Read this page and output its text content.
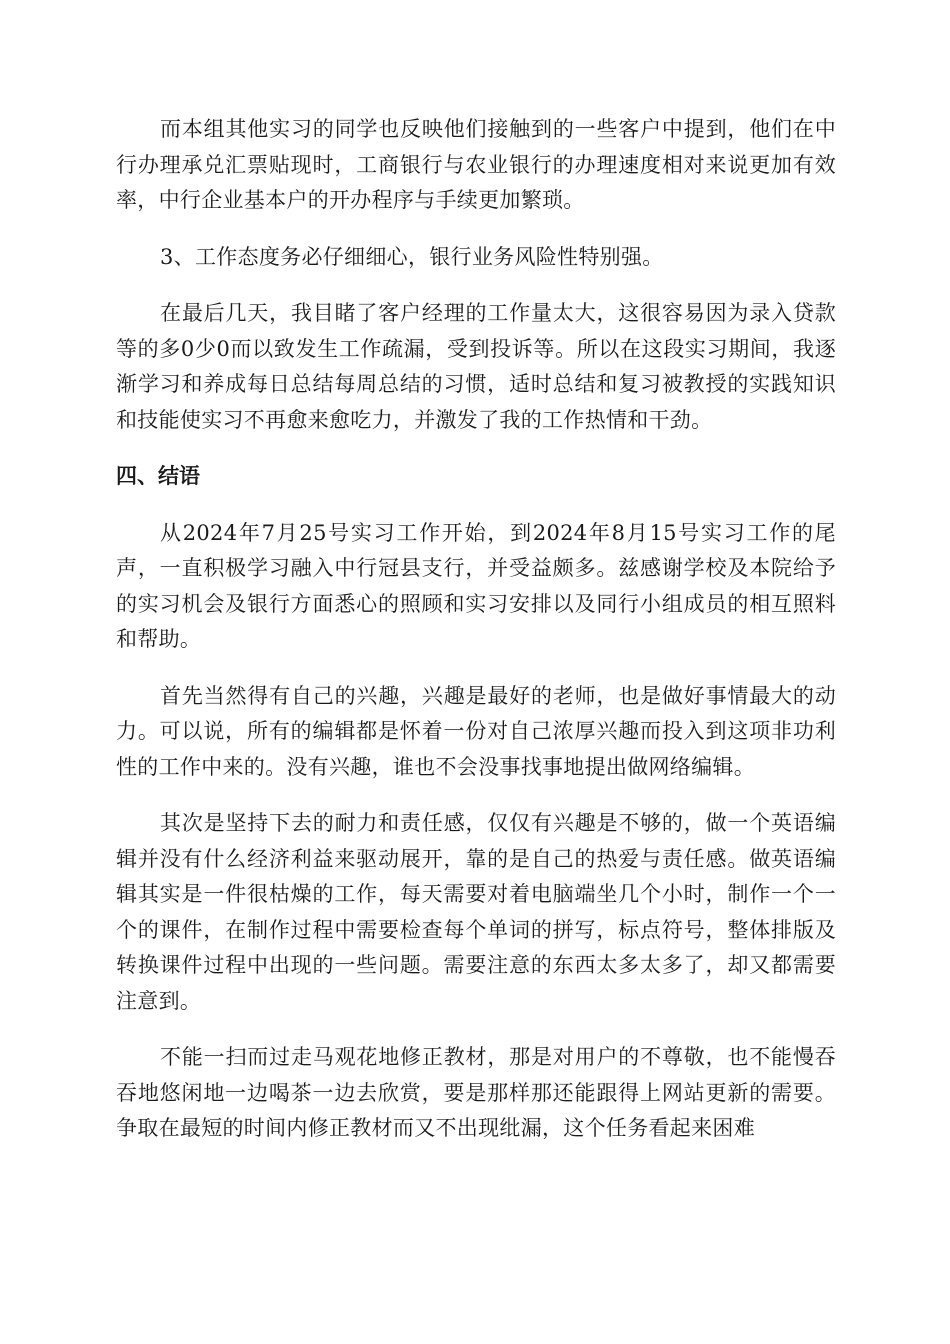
而本组其他实习的同学也反映他们接触到的一些客户中提到，他们在中行办理承兑汇票贴现时，工商银行与农业银行的办理速度相对来说更加有效率，中行企业基本户的开办程序与手续更加繁琐。

3、工作态度务必仔细细心，银行业务风险性特别强。

在最后几天，我目睹了客户经理的工作量太大，这很容易因为录入贷款等的多0少0而以致发生工作疏漏，受到投诉等。所以在这段实习期间，我逐渐学习和养成每日总结每周总结的习惯，适时总结和复习被教授的实践知识和技能使实习不再愈来愈吃力，并激发了我的工作热情和干劲。

四、结语

从2024年7月25号实习工作开始，到2024年8月15号实习工作的尾声，一直积极学习融入中行冠县支行，并受益颇多。兹感谢学校及本院给予的实习机会及银行方面悉心的照顾和实习安排以及同行小组成员的相互照料和帮助。

首先当然得有自己的兴趣，兴趣是最好的老师，也是做好事情最大的动力。可以说，所有的编辑都是怀着一份对自己浓厚兴趣而投入到这项非功利性的工作中来的。没有兴趣，谁也不会没事找事地提出做网络编辑。

其次是坚持下去的耐力和责任感，仅仅有兴趣是不够的，做一个英语编辑并没有什么经济利益来驱动展开，靠的是自己的热爱与责任感。做英语编辑其实是一件很枯燥的工作，每天需要对着电脑端坐几个小时，制作一个一个的课件，在制作过程中需要检查每个单词的拼写，标点符号，整体排版及转换课件过程中出现的一些问题。需要注意的东西太多太多了，却又都需要注意到。

不能一扫而过走马观花地修正教材，那是对用户的不尊敬，也不能慢吞吞地悠闲地一边喝茶一边去欣赏，要是那样那还能跟得上网站更新的需要。争取在最短的时间内修正教材而又不出现纰漏，这个任务看起来困难
